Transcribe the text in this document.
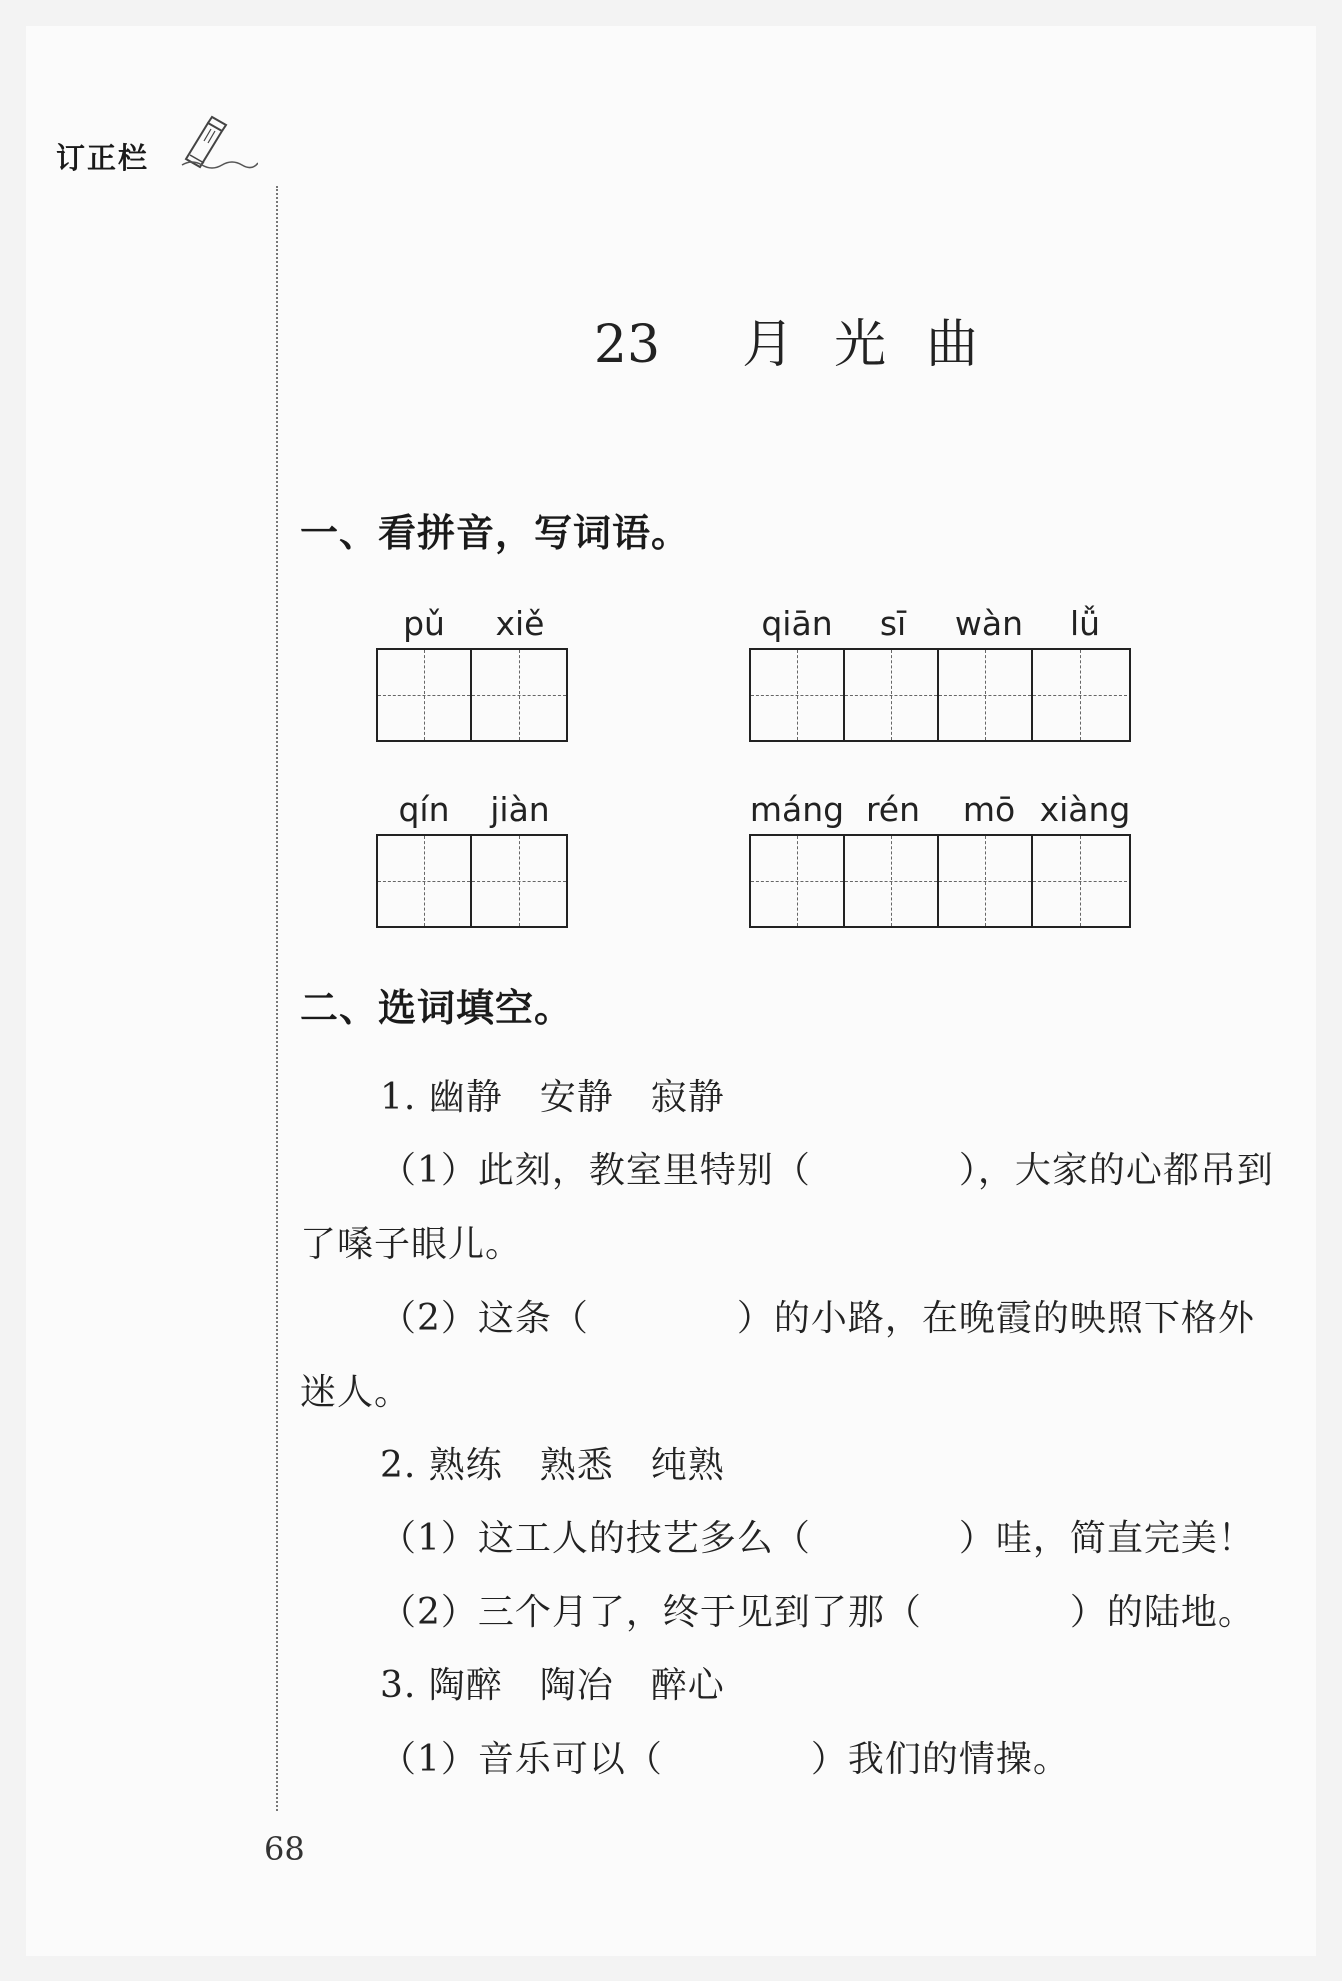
订正栏
23 月 光 曲
一、看拼音，写词语。
pǔ	xiě	qiān	sī	wàn	lǚ
qín	jiàn	máng rén	mō xiàng
二、选词填空。
1. 幽静　安静　寂静
（1）此刻，教室里特别（　　　　），大家的心都吊到
了嗓子眼儿。
（2）这条（　　　　）的小路，在晚霞的映照下格外
迷人。
2. 熟练　熟悉　纯熟
（1）这工人的技艺多么（　　　　）哇，简直完美！
（2）三个月了，终于见到了那（　　　　）的陆地。
3. 陶醉　陶冶　醉心
（1）音乐可以（　　　　）我们的情操。
68
